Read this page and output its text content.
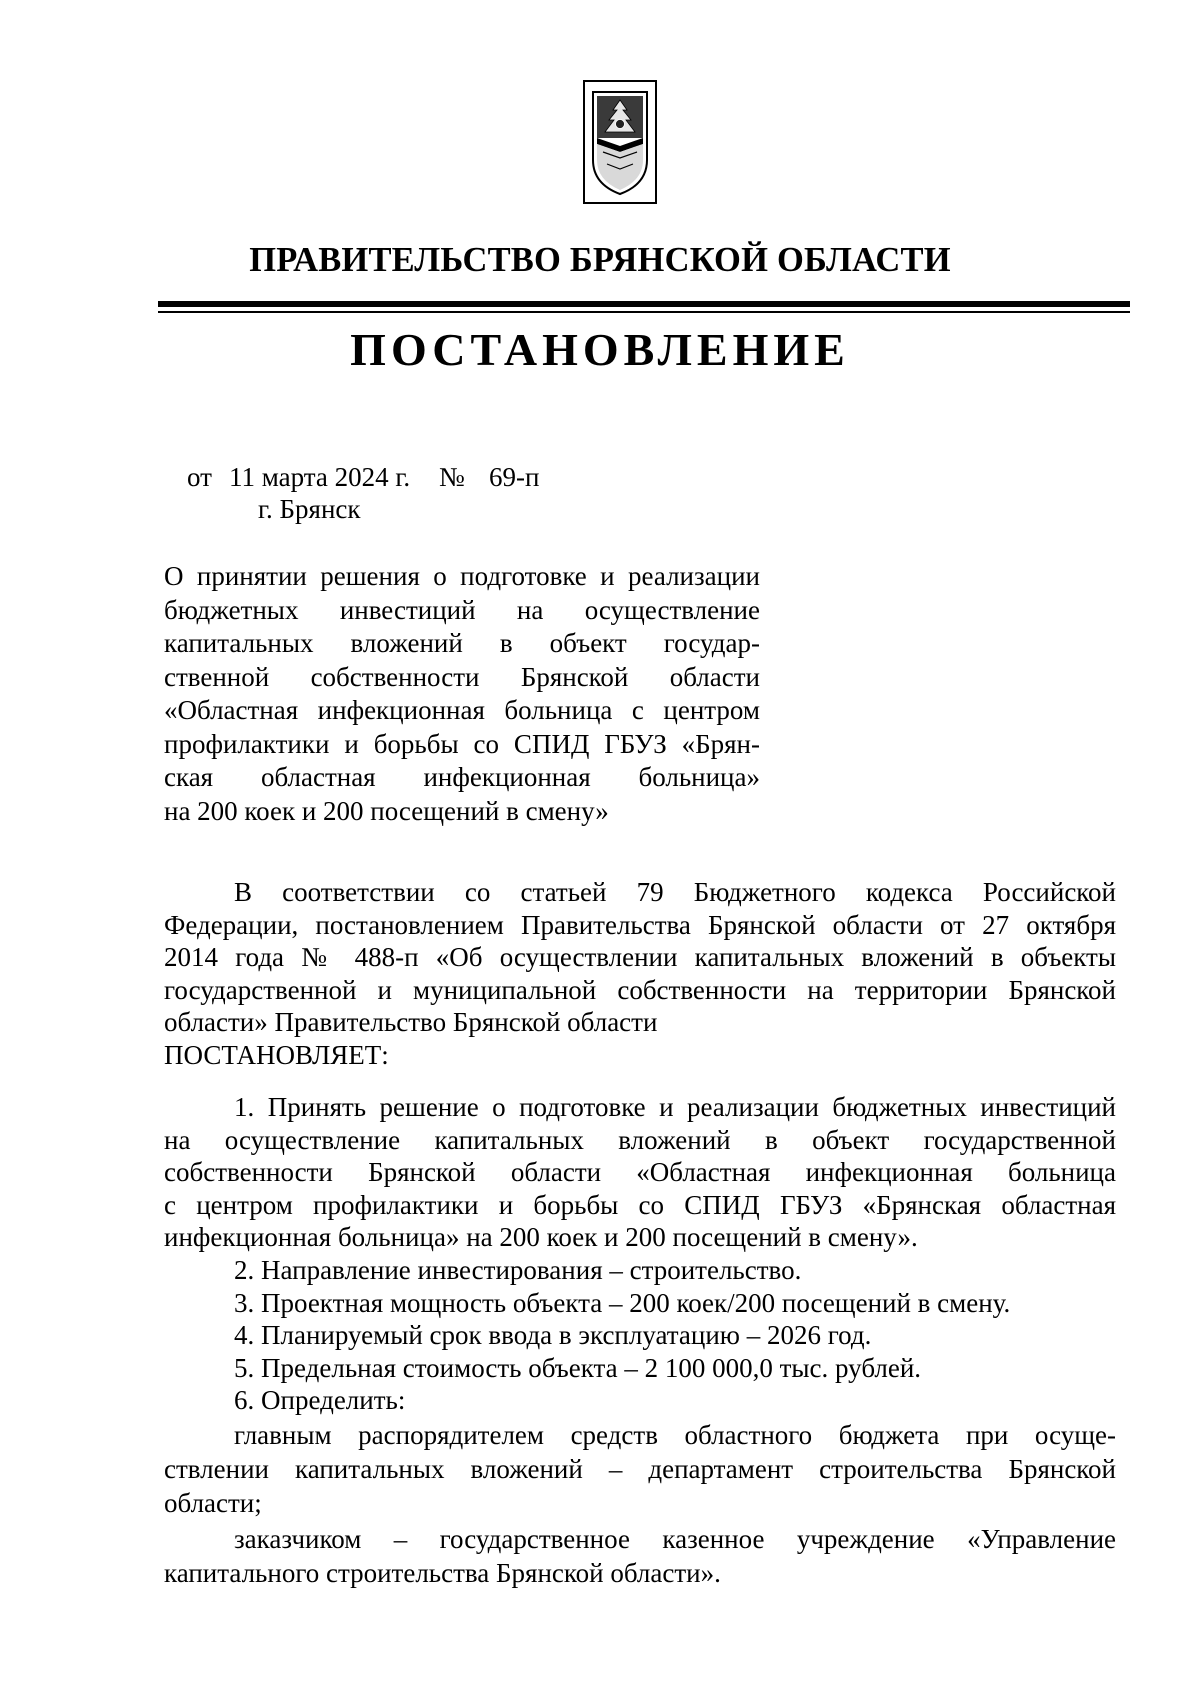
ПРАВИТЕЛЬСТВО БРЯНСКОЙ ОБЛАСТИ
ПОСТАНОВЛЕНИЕ
от 11 марта 2024 г. № 69-п
г. Брянск
О принятии решения о подготовке и реализации
бюджетных инвестиций на осуществление
капитальных вложений в объект государ-
ственной собственности Брянской области
«Областная инфекционная больница с центром
профилактики и борьбы со СПИД ГБУЗ «Брян-
ская областная инфекционная больница»
на 200 коек и 200 посещений в смену»
В соответствии со статьей 79 Бюджетного кодекса Российской
Федерации, постановлением Правительства Брянской области от 27 октября
2014 года № 488-п «Об осуществлении капитальных вложений в объекты
государственной и муниципальной собственности на территории Брянской
области» Правительство Брянской области
ПОСТАНОВЛЯЕТ:
1. Принять решение о подготовке и реализации бюджетных инвестиций
на осуществление капитальных вложений в объект государственной
собственности Брянской области «Областная инфекционная больница
с центром профилактики и борьбы со СПИД ГБУЗ «Брянская областная
инфекционная больница» на 200 коек и 200 посещений в смену».
2. Направление инвестирования – строительство.
3. Проектная мощность объекта – 200 коек/200 посещений в смену.
4. Планируемый срок ввода в эксплуатацию – 2026 год.
5. Предельная стоимость объекта – 2 100 000,0 тыс. рублей.
6. Определить:
главным распорядителем средств областного бюджета при осуще-
ствлении капитальных вложений – департамент строительства Брянской
области;
заказчиком – государственное казенное учреждение «Управление
капитального строительства Брянской области».
